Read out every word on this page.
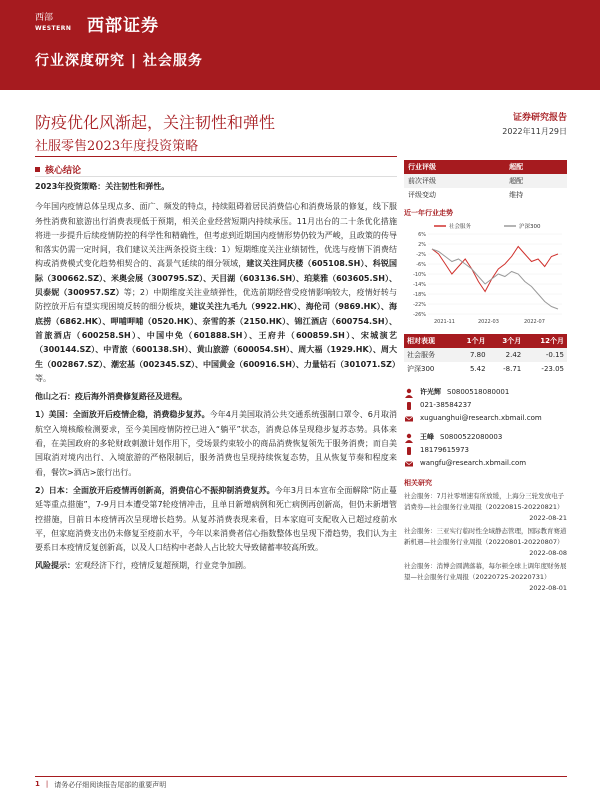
西部
WESTERN 西部证券
行业深度研究 | 社会服务
防疫优化风渐起，关注韧性和弹性
社服零售2023年度投资策略
证券研究报告
2022年11月29日
核心结论

2023年投资策略：关注韧性和弹性。

今年国内疫情总体呈现点多、面广、频发的特点，持续阻碍着居民消费信心和消费场景的修复，线下服务性消费和旅游出行消费表现低于预期，相关企业经营短期内持续承压。11月出台的二十条优化措施将进一步提升后续疫情防控的科学性和精确性，但考虑到近期国内疫情形势仍较为严峻，且政策的传导和落实仍需一定时间，我们建议关注两条投资主线：1）短期维度关注业绩韧性，优选与疫情下消费结构或消费模式变化趋势相契合的、高景气延续的细分领域，建议关注同庆楼（605108.SH）、科锐国际（300662.SZ）、米奥会展（300795.SZ）、天目湖（603136.SH）、珀莱雅（603605.SH）、贝泰妮（300957.SZ）等；2）中期维度关注业绩弹性，优选前期经营受疫情影响较大，疫情好转与防控放开后有望实现困境反转的细分板块，建议关注九毛九（9922.HK）、海伦司（9869.HK）、海底捞（6862.HK）、呷哺呷哺（0520.HK）、奈雪的茶（2150.HK）、锦江酒店（600754.SH）、首旅酒店（600258.SH）、中国中免（601888.SH）、王府井（600859.SH）、宋城演艺（300144.SZ）、中青旅（600138.SH）、黄山旅游（600054.SH）、周大福（1929.HK）、周大生（002867.SZ）、潮宏基（002345.SZ）、中国黄金（600916.SH）、力量钻石（301071.SZ）等。

他山之石：疫后海外消费修复路径及进程。

1）美国：全面放开后疫情企稳，消费稳步复苏。今年4月美国取消公共交通系统强制口罩令、6月取消航空入境核酸检测要求，至今美国疫情防控已进入“躺平”状态，消费总体呈现稳步复苏态势。具体来看，在美国政府的多轮财政刺激计划作用下，受场景约束较小的商品消费恢复领先于服务消费；而自美国取消对境内出行、入境旅游的严格限制后，服务消费也呈现持续恢复态势，且从恢复节奏和程度来看，餐饮>酒店>旅行出行。

2）日本：全面放开后疫情再创新高，消费信心不振抑制消费复苏。今年3月日本宣布全面解除“防止蔓延等重点措施”，7-9月日本遭受第7轮疫情冲击，且单日新增病例和死亡病例再创新高，但仍未新增管控措施，目前日本疫情再次呈现增长趋势。从复苏消费表现来看，日本家庭可支配收入已超过疫前水平，但家庭消费支出仍未修复至疫前水平，今年以来消费者信心指数整体也呈现下滑趋势，我们认为主要系日本疫情反复创新高，以及人口结构中老龄人占比较大导致储蓄率较高所致。

风险提示：宏观经济下行，疫情反复超预期，行业竞争加剧。

行业评级	超配
前次评级	超配
评级变动	维持
近一年行业走势
社会服务	沪深300
6%
2%
-2%
-6%
-10%
-14%
-18%
-22%
-26%
2021-11	2022-03	2022-07
相对表现	1个月	3个月	12个月
社会服务	7.80	2.42	-0.15
沪深300	5.42	-8.71	-23.05
许光辉 S0800518080001
021-38584237
xuguanghui@research.xbmail.com
王峰 S0800522080003
18179615973
wangfu@research.xbmail.com
相关研究
社会服务：7月社零增速有所放缓，上海分三轮发放电子消费券—社会服务行业周报（20220815-20220821）
2022-08-21
社会服务：三亚实行临时性全域静态管理，国际教育赛道新机遇—社会服务行业周报（20220801-20220807）
2022-08-08
社会服务：消博会圆满落幕，每尔顿全球上调年度财务展望—社会服务行业周报（20220725-20220731）
2022-08-01
1 | 请务必仔细阅读报告尾部的重要声明
